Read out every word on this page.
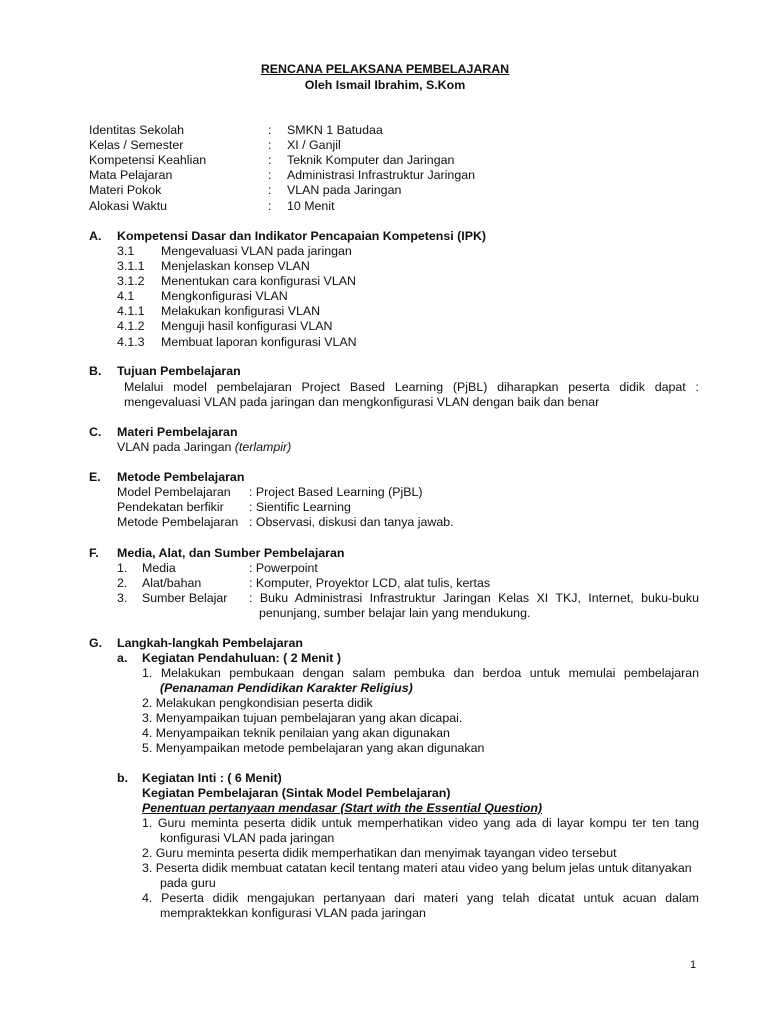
RENCANA PELAKSANA PEMBELAJARAN
Oleh Ismail Ibrahim, S.Kom
Identitas Sekolah	: SMKN 1 Batudaa
Kelas / Semester	: XI / Ganjil
Kompetensi Keahlian	: Teknik Komputer dan Jaringan
Mata Pelajaran	: Administrasi Infrastruktur Jaringan
Materi Pokok	: VLAN pada Jaringan
Alokasi Waktu	: 10 Menit
A. Kompetensi Dasar dan Indikator Pencapaian Kompetensi (IPK)
3.1 Mengevaluasi VLAN pada jaringan
3.1.1 Menjelaskan konsep VLAN
3.1.2 Menentukan cara konfigurasi VLAN
4.1 Mengkonfigurasi VLAN
4.1.1 Melakukan konfigurasi VLAN
4.1.2 Menguji hasil konfigurasi VLAN
4.1.3 Membuat laporan konfigurasi VLAN
B. Tujuan Pembelajaran
Melalui model pembelajaran Project Based Learning (PjBL) diharapkan peserta didik dapat :
mengevaluasi VLAN pada jaringan dan mengkonfigurasi VLAN dengan baik dan benar
C. Materi Pembelajaran
VLAN pada Jaringan (terlampir)
E. Metode Pembelajaran
Model Pembelajaran : Project Based Learning (PjBL)
Pendekatan berfikir : Sientific Learning
Metode Pembelajaran : Observasi, diskusi dan tanya jawab.
F. Media, Alat, dan Sumber Pembelajaran
1. Media	: Powerpoint
2. Alat/bahan	: Komputer, Proyektor LCD, alat tulis, kertas
3. Sumber Belajar : Buku Administrasi Infrastruktur Jaringan Kelas XI TKJ, Internet, buku-buku
penunjang, sumber belajar lain yang mendukung.
G. Langkah-langkah Pembelajaran
a. Kegiatan Pendahuluan: ( 2 Menit )
1. Melakukan pembukaan dengan salam pembuka dan berdoa untuk memulai pembelajaran
(Penanaman Pendidikan Karakter Religius)
2. Melakukan pengkondisian peserta didik
3. Menyampaikan tujuan pembelajaran yang akan dicapai.
4. Menyampaikan teknik penilaian yang akan digunakan
5. Menyampaikan metode pembelajaran yang akan digunakan
b. Kegiatan Inti : ( 6 Menit)
Kegiatan Pembelajaran (Sintak Model Pembelajaran)
Penentuan pertanyaan mendasar (Start with the Essential Question)
1. Guru meminta peserta didik untuk memperhatikan video yang ada di layar kompu ter ten tang
konfigurasi VLAN pada jaringan
2. Guru meminta peserta didik memperhatikan dan menyimak tayangan video tersebut
3. Peserta didik membuat catatan kecil tentang materi atau video yang belum jelas untuk ditanyakan
pada guru
4. Peserta didik mengajukan pertanyaan dari materi yang telah dicatat untuk acuan dalam
mempraktekkan konfigurasi VLAN pada jaringan
1
